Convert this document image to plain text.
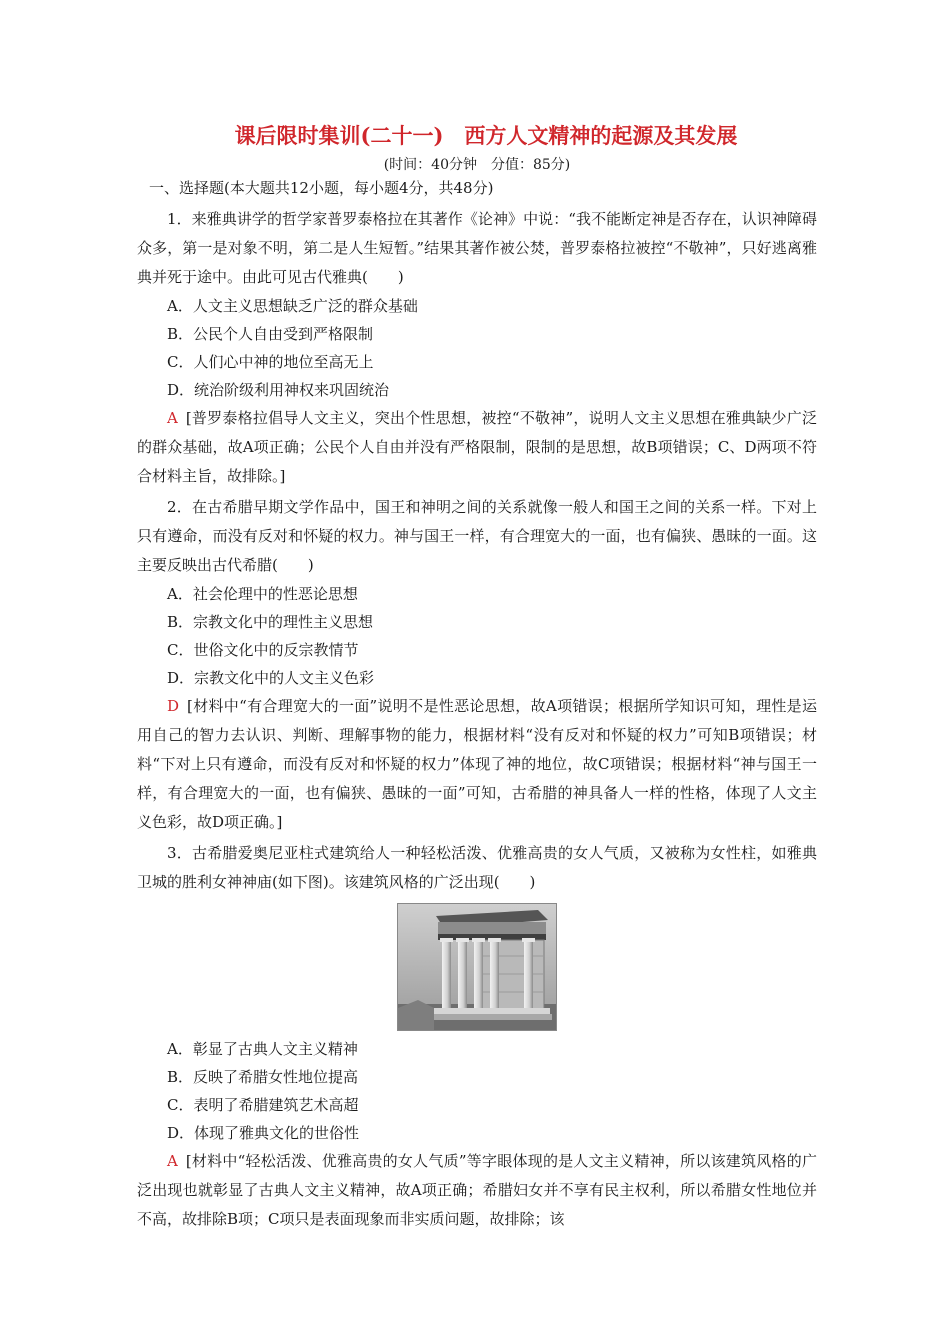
课后限时集训(二十一)　西方人文精神的起源及其发展

(时间：40分钟　分值：85分)

一、选择题(本大题共12小题，每小题4分，共48分)

1．来雅典讲学的哲学家普罗泰格拉在其著作《论神》中说：“我不能断定神是否存在，认识神障碍众多，第一是对象不明，第二是人生短暂。”结果其著作被公焚，普罗泰格拉被控“不敬神”，只好逃离雅典并死于途中。由此可见古代雅典(　　)

A．人文主义思想缺乏广泛的群众基础

B．公民个人自由受到严格限制

C．人们心中神的地位至高无上

D．统治阶级利用神权来巩固统治

A [普罗泰格拉倡导人文主义，突出个性思想，被控“不敬神”，说明人文主义思想在雅典缺少广泛的群众基础，故A项正确；公民个人自由并没有严格限制，限制的是思想，故B项错误；C、D两项不符合材料主旨，故排除。]

2．在古希腊早期文学作品中，国王和神明之间的关系就像一般人和国王之间的关系一样。下对上只有遵命，而没有反对和怀疑的权力。神与国王一样，有合理宽大的一面，也有偏狭、愚昧的一面。这主要反映出古代希腊(　　)

A．社会伦理中的性恶论思想

B．宗教文化中的理性主义思想

C．世俗文化中的反宗教情节

D．宗教文化中的人文主义色彩

D [材料中“有合理宽大的一面”说明不是性恶论思想，故A项错误；根据所学知识可知，理性是运用自己的智力去认识、判断、理解事物的能力，根据材料“没有反对和怀疑的权力”可知B项错误；材料“下对上只有遵命，而没有反对和怀疑的权力”体现了神的地位，故C项错误；根据材料“神与国王一样，有合理宽大的一面，也有偏狭、愚昧的一面”可知，古希腊的神具备人一样的性格，体现了人文主义色彩，故D项正确。]

3．古希腊爱奥尼亚柱式建筑给人一种轻松活泼、优雅高贵的女人气质，又被称为女性柱，如雅典卫城的胜利女神神庙(如下图)。该建筑风格的广泛出现(　　)

A．彰显了古典人文主义精神

B．反映了希腊女性地位提高

C．表明了希腊建筑艺术高超

D．体现了雅典文化的世俗性

A [材料中“轻松活泼、优雅高贵的女人气质”等字眼体现的是人文主义精神，所以该建筑风格的广泛出现也就彰显了古典人文主义精神，故A项正确；希腊妇女并不享有民主权利，所以希腊女性地位并不高，故排除B项；C项只是表面现象而非实质问题，故排除；该
